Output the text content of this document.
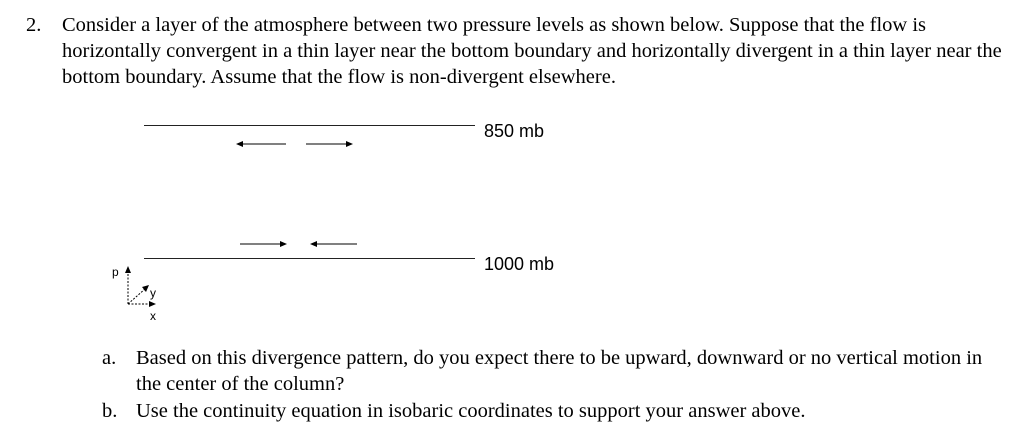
2. Consider a layer of the atmosphere between two pressure levels as shown below. Suppose that the flow is horizontally convergent in a thin layer near the bottom boundary and horizontally divergent in a thin layer near the bottom boundary. Assume that the flow is non-divergent elsewhere.

850 mb
1000 mb
p
y
x
a. Based on this divergence pattern, do you expect there to be upward, downward or no vertical motion in the center of the column?

b. Use the continuity equation in isobaric coordinates to support your answer above.
